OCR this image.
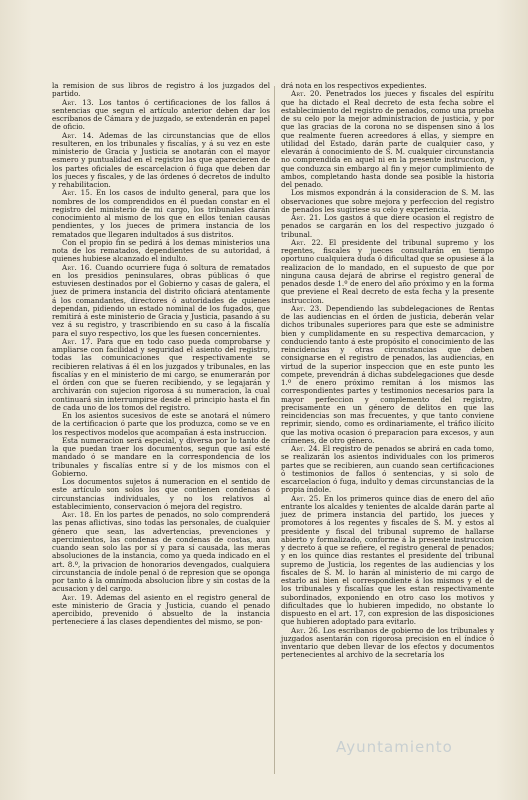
la remision de sus libros de registro á los juzgados del partido.

Art. 13. Los tantos ó certificaciones de los fallos á sentencias que segun el artículo anterior deben dar los escribanos de Cámara y de juzgado, se extenderán en papel de oficio.

Art. 14. Ademas de las circunstancias que de ellos resulteren, en los tribunales y fiscalías, y á su vez en este ministerio de Gracia y Justicia se anotarán con el mayor esmero y puntualidad en el registro las que aparecieren de los partes oficiales de escarcelacion ó fuga que deben dar los jueces y fiscales, y de las órdenes ó decretos de indulto y rehabilitacion.

Art. 15. En los casos de indulto general, para que los nombres de los comprendidos en él puedan constar en el registro del ministerio de mi cargo, los tribunales darán conocimiento al mismo de los que en ellos tenian causas pendientes, y los jueces de primera instancia de los rematados que llegaren indultados á sus distritos.

Con el propio fin se pedirá á los demas ministerios una nota de los rematados, dependientes de su autoridad, á quienes hubiese alcanzado el indulto.

Art. 16. Cuando ocurriere fuga ó soltura de rematados en los presidios peninsulares, obras públicas ó que estuviesen destinados por el Gobierno y casas de galera, el juez de primera instancia del distrito oficiará atentamente á los comandantes, directores ó autoridades de quienes dependan, pidiendo un estado nominal de los fugados, que remitirá á este ministerio de Gracia y Justicia, pasando á su vez á su registro, y trascribiendo en su caso á la fiscalía para el suyo respectivo, los que les fuesen concernientes.

Art. 17. Para que en todo caso pueda comprobarse y ampliarse con facilidad y seguridad el asiento del registro, todas las comunicaciones que respectivamente se recibieren relativas á él en los juzgados y tribunales, en las fiscalías y en el ministerio de mi cargo, se enumerarán por el órden con que se fueren recibiendo, y se legajarán y archivarán con sujecion rigorosa á su numeracion, la cual continuará sin interrumpirse desde el principio hasta el fin de cada uno de los tomos del registro.

En los asientos sucesivos de este se anotará el número de la certificacion ó parte que los produzca, como se ve en los respectivos modelos que acompañan á esta instruccion.

Esta numeracion será especial, y diversa por lo tanto de la que puedan traer los documentos, segun que así esté mandado ó se mandare en la correspondencia de los tribunales y fiscalías entre sí y de los mismos con el Gobierno.

Los documentos sujetos á numeracion en el sentido de este artículo son solos los que contienen condenas ó circunstancias individuales, y no los relativos al establecimiento, conservacion ó mejora del registro.

Art. 18. En los partes de penados, no solo comprenderá las penas aflictivas, sino todas las personales, de cualquier género que sean, las advertencias, prevenciones y apercimientos, las condenas de condenas de costas, aun cuando sean solo las por sí y para sí causada, las meras absoluciones de la instancia, como ya queda indicado en el art. 8.º, la privacion de honorarios devengados, cualquiera circunstancia de índole penal ó de represion que se oponga por tanto á la omnímoda absolucion libre y sin costas de la acusacion y del cargo.

Art. 19. Ademas del asiento en el registro general de este ministerio de Gracia y Justicia, cuando el penado apercibido, prevenido ó absuelto de la instancia perteneciere á las clases dependientes del mismo, se pon-

drá nota en los respectivos expedientes.

Art. 20. Penetrados los jueces y fiscales del espíritu que ha dictado el Real decreto de esta fecha sobre el establecimiento del registro de penados, como una prueba de su celo por la mejor administracion de justicia, y por que las gracias de la corona no se dispensen sino á los que realmente fueren acreedores á ellas, y siempre en utilidad del Estado, darán parte de cualquier caso, y elevarán á conocimiento de S. M. cualquier circunstancia no comprendida en aquel ni en la presente instruccion, y que conduzca sin embargo al fin y mejor cumplimiento de ambos, completando hasta donde sea posible la historia del penado.

Los mismos expondrán á la consideracion de S. M. las observaciones que sobre mejora y perfeccion del registro de penados les sugiriese su celo y experiencia.

Art. 21. Los gastos á que diere ocasion el registro de penados se cargarán en los del respectivo juzgado ó tribunal.

Art. 22. El presidente del tribunal supremo y los regentes, fiscales y jueces consultarán en tiempo oportuno cualquiera duda ó dificultad que se opusiese á la realizacion de lo mandado, en el supuesto de que por ninguna causa dejará de abrirse el registro general de penados desde 1.º de enero del año próximo y en la forma que previene el Real decreto de esta fecha y la presente instruccion.

Art. 23. Dependiendo las subdelegaciones de Rentas de las audiencias en el órden de justicia, deberán velar dichos tribunales superiores para que este se administre bien y cumplidamente en su respectiva demarcacion, y conduciendo tanto á este propósito el conocimiento de las reincidencias y otras circunstancias que deben consignarse en el registro de penados, las audiencias, en virtud de la superior inspeccion que en este punto les compete, prevendrán á dichas subdelegaciones que desde 1.º de enero próximo remitan á los mismos las correspondientes partes y testimonios necesarios para la mayor perfeccion y complemento del registro, precisamente en un género de delitos en que las reincidencias son mas frecuentes, y que tanto conviene reprimir, siendo, como es ordinariamente, el tráfico ilícito que las motiva ocasion ó preparacion para excesos, y aun crímenes, de otro género.

Art. 24. El registro de penados se abrirá en cada tomo, se realizarán los asientos individuales con los primeros partes que se recibieren, aun cuando sean certificaciones ó testimonios de fallos ó sentencias, y si solo de escarcelacion ó fuga, indulto y demas circunstancias de la propia índole.

Art. 25. En los primeros quince dias de enero del año entrante los alcaldes y tenientes de alcalde darán parte al juez de primera instancia del partido, los jueces y promotores á los regentes y fiscales de S. M. y estos al presidente y fiscal del tribunal supremo de hallarse abierto y formalizado, conforme á la presente instruccion y decreto á que se refiere, el registro general de penados; y en los quince dias restantes el presidente del tribunal supremo de Justicia, los regentes de las audiencias y los fiscales de S. M. lo harán al ministerio de mi cargo de estarlo asi bien el correspondiente á los mismos y el de los tribunales y fiscalías que les estan respectivamente subordinados, exponiendo en otro caso los motivos y dificultades que lo hubieren impedido, no obstante lo dispuesto en el art. 17, con expresion de las disposiciones que hubieren adoptado para evitarlo.

Art. 26. Los escribanos de gobierno de los tribunales y juzgados asentarán con rigorosa precision en el índice ó inventario que deben llevar de los efectos y documentos pertenecientes al archivo de la secretaría los

Ayuntamiento
